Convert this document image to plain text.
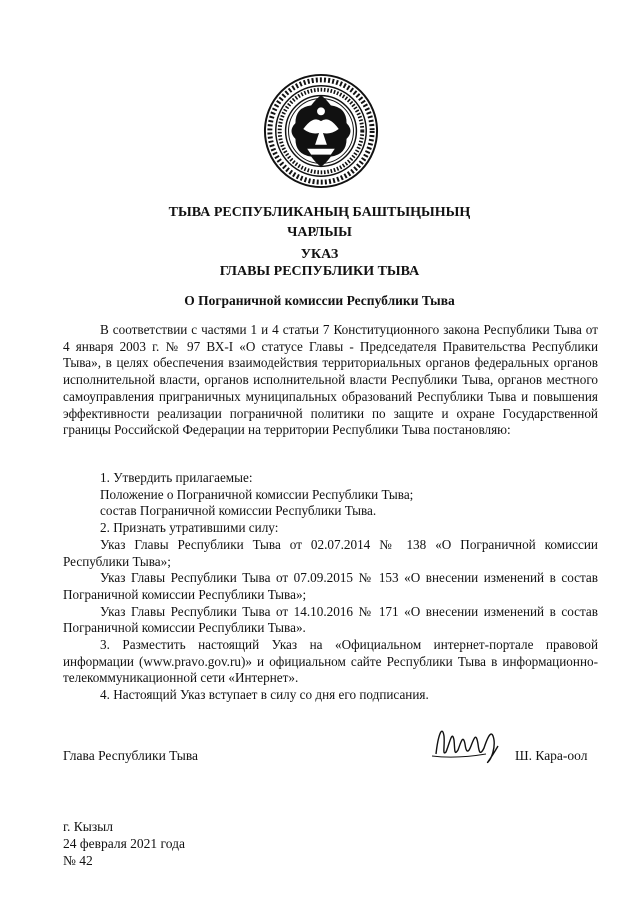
ТЫВА РЕСПУБЛИКАНЫҢ БАШТЫҢЫНЫҢ
ЧАРЛЫЫ
УКАЗ
ГЛАВЫ РЕСПУБЛИКИ ТЫВА
О Пограничной комиссии Республики Тыва
В соответствии с частями 1 и 4 статьи 7 Конституционного закона Республики Тыва от 4 января 2003 г. № 97 ВХ-I «О статусе Главы - Председателя Правительства Республики Тыва», в целях обеспечения взаимодействия территориальных органов федеральных органов исполнительной власти, органов исполнительной власти Республики Тыва, органов местного самоуправления приграничных муниципальных образований Республики Тыва и повышения эффективности реализации пограничной политики по защите и охране Государственной границы Российской Федерации на территории Республики Тыва постановляю:

1. Утвердить прилагаемые:

Положение о Пограничной комиссии Республики Тыва;

состав Пограничной комиссии Республики Тыва.

2. Признать утратившими силу:

Указ Главы Республики Тыва от 02.07.2014 № 138 «О Пограничной комиссии Республики Тыва»;

Указ Главы Республики Тыва от 07.09.2015 № 153 «О внесении изменений в состав Пограничной комиссии Республики Тыва»;

Указ Главы Республики Тыва от 14.10.2016 № 171 «О внесении изменений в состав Пограничной комиссии Республики Тыва».

3. Разместить настоящий Указ на «Официальном интернет-портале правовой информации (www.pravo.gov.ru)» и официальном сайте Республики Тыва в информационно-телекоммуникационной сети «Интернет».

4. Настоящий Указ вступает в силу со дня его подписания.

Глава Республики Тыва	Ш. Кара-оол
г. Кызыл
24 февраля 2021 года
№ 42
